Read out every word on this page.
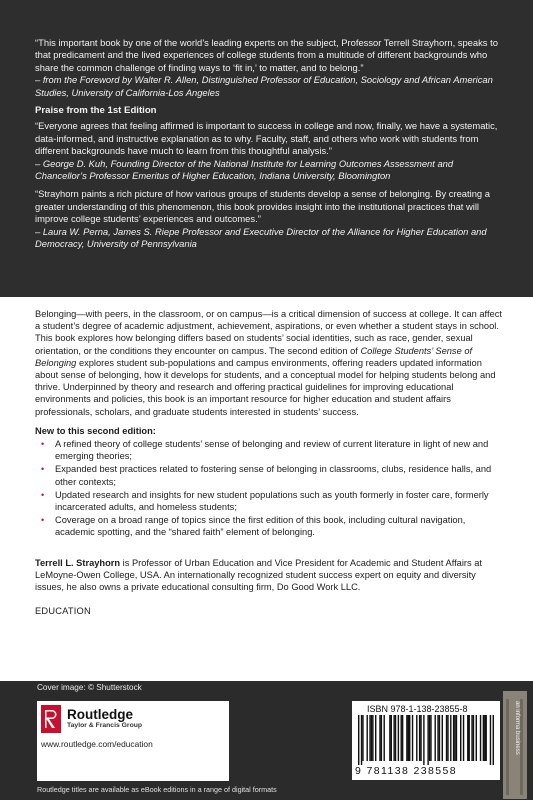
“This important book by one of the world’s leading experts on the subject, Professor Terrell Strayhorn, speaks to that predicament and the lived experiences of college students from a multitude of different backgrounds who share the common challenge of finding ways to ‘fit in,’ to matter, and to belong.”
– from the Foreword by Walter R. Allen, Distinguished Professor of Education, Sociology and African American Studies, University of California-Los Angeles

Praise from the 1st Edition

“Everyone agrees that feeling affirmed is important to success in college and now, finally, we have a systematic, data-informed, and instructive explanation as to why. Faculty, staff, and others who work with students from different backgrounds have much to learn from this thoughtful analysis.”
– George D. Kuh, Founding Director of the National Institute for Learning Outcomes Assessment and Chancellor’s Professor Emeritus of Higher Education, Indiana University, Bloomington

“Strayhorn paints a rich picture of how various groups of students develop a sense of belonging. By creating a greater understanding of this phenomenon, this book provides insight into the institutional practices that will improve college students’ experiences and outcomes.”
– Laura W. Perna, James S. Riepe Professor and Executive Director of the Alliance for Higher Education and Democracy, University of Pennsylvania

Belonging—with peers, in the classroom, or on campus—is a critical dimension of success at college. It can affect a student’s degree of academic adjustment, achievement, aspirations, or even whether a student stays in school. This book explores how belonging differs based on students’ social identities, such as race, gender, sexual orientation, or the conditions they encounter on campus. The second edition of College Students’ Sense of Belonging explores student sub-populations and campus environments, offering readers updated information about sense of belonging, how it develops for students, and a conceptual model for helping students belong and thrive. Underpinned by theory and research and offering practical guidelines for improving educational environments and policies, this book is an important resource for higher education and student affairs professionals, scholars, and graduate students interested in students’ success.

New to this second edition:
• A refined theory of college students’ sense of belonging and review of current literature in light of new and emerging theories;
• Expanded best practices related to fostering sense of belonging in classrooms, clubs, residence halls, and other contexts;
• Updated research and insights for new student populations such as youth formerly in foster care, formerly incarcerated adults, and homeless students;
• Coverage on a broad range of topics since the first edition of this book, including cultural navigation, academic spotting, and the “shared faith” element of belonging.

Terrell L. Strayhorn is Professor of Urban Education and Vice President for Academic and Student Affairs at LeMoyne-Owen College, USA. An internationally recognized student success expert on equity and diversity issues, he also owns a private educational consulting firm, Do Good Work LLC.

EDUCATION
Cover image: © Shutterstock
Routledge
Taylor & Francis Group
www.routledge.com/education
Routledge titles are available as eBook editions in a range of digital formats
ISBN 978-1-138-23855-8
9 781138 238558
an informa business
